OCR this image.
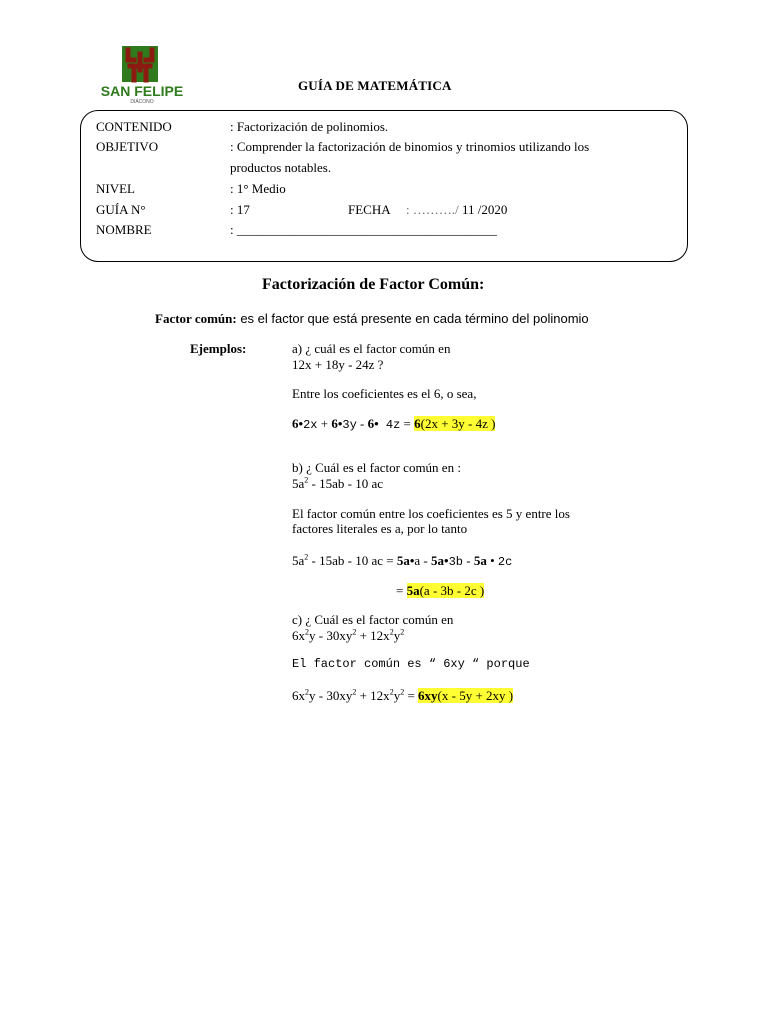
SAN FELIPE
DIÁCONO
GUÍA DE MATEMÁTICA
CONTENIDO	: Factorización de polinomios.
OBJETIVO	: Comprender la factorización de binomios y trinomios utilizando los
productos notables.
NIVEL	: 1° Medio
GUÍA N°	: 17	FECHA : ………./ 11 /2020
NOMBRE	: ________________________________________
Factorización de Factor Común:
Factor común: es el factor que está presente en cada término del polinomio
Ejemplos:	a) ¿ cuál es el factor común en
12x + 18y - 24z ?
Entre los coeficientes es el 6, o sea,
6•2x + 6•3y - 6• 4z = 6(2x + 3y - 4z )
b) ¿ Cuál es el factor común en :
$5a^2 - 15ab - 10$ ac
El factor común entre los coeficientes es 5 y entre los
factores literales es a, por lo tanto
$5a^2 - 15ab - 10$ ac = 5a•a - 5a•3b - 5a • 2c
= 5a(a - 3b - 2c )
c) ¿ Cuál es el factor común en
$6x^2y - 30xy^2 + 12x^2y^2$
El factor común es “ 6xy “ porque
$6x^2y - 30xy^2 + 12x^2y^2 = 6xy(x - 5y + 2xy$ )
